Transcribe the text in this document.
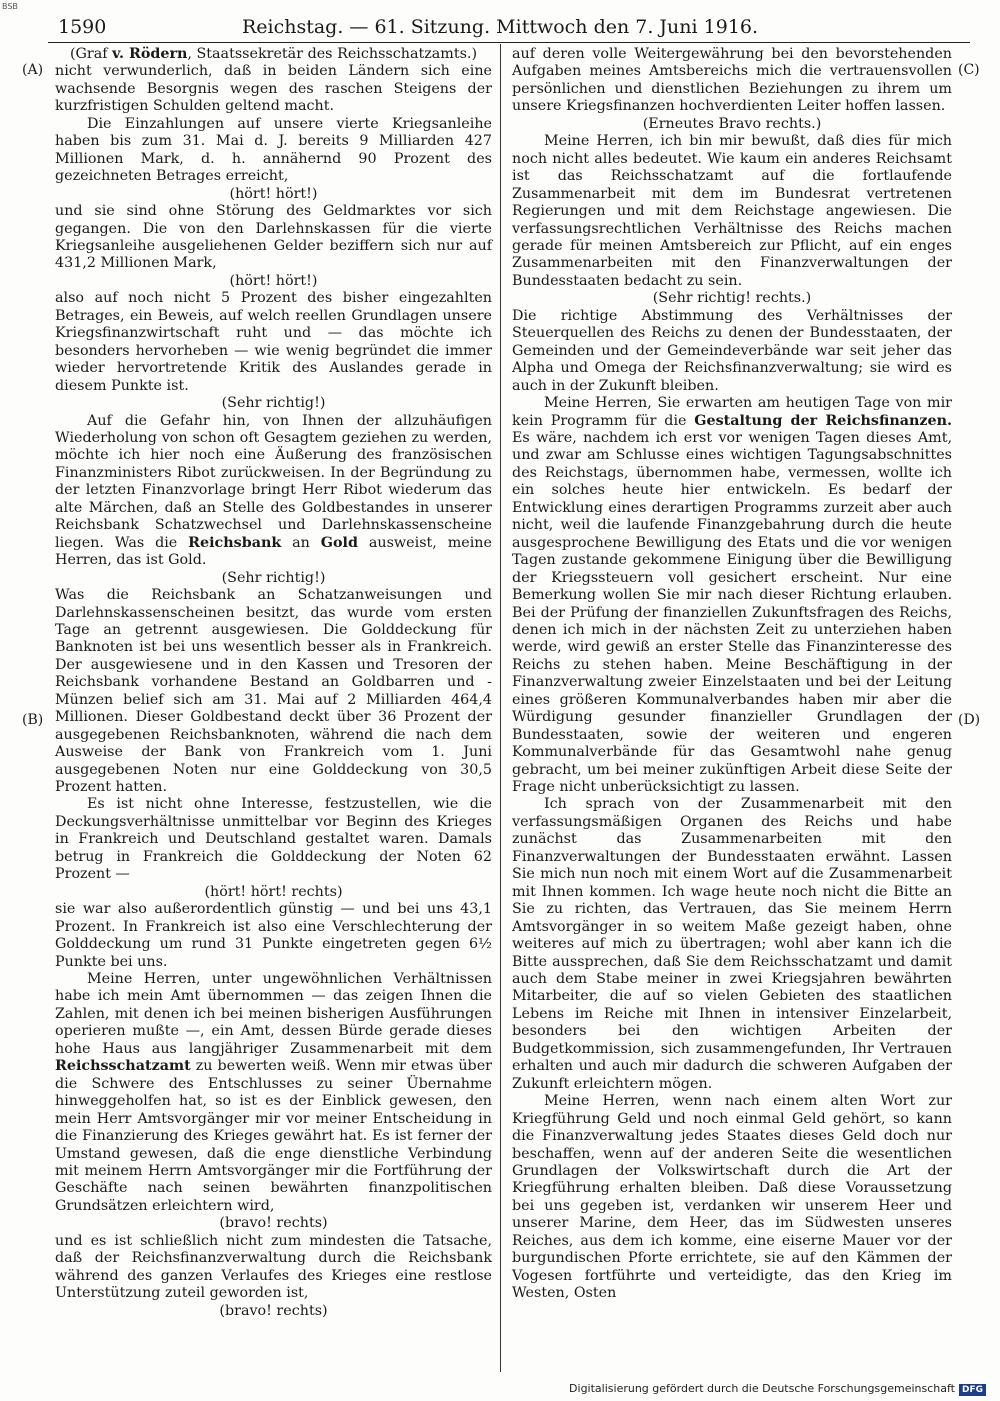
BSB
1590	Reichstag. — 61. Sitzung. Mittwoch den 7. Juni 1916.
(A)
(B)
(C)
(D)

(Graf v. Rödern, Staatssekretär des Reichsschatzamts.)

nicht verwunderlich, daß in beiden Ländern sich eine wachsende Besorgnis wegen des raschen Steigens der kurzfristigen Schulden geltend macht.

Die Einzahlungen auf unsere vierte Kriegsanleihe haben bis zum 31. Mai d. J. bereits 9 Milliarden 427 Millionen Mark, d. h. annähernd 90 Prozent des gezeichneten Betrages erreicht,

(hört! hört!)

und sie sind ohne Störung des Geldmarktes vor sich gegangen. Die von den Darlehnskassen für die vierte Kriegsanleihe ausgeliehenen Gelder beziffern sich nur auf 431,2 Millionen Mark,

(hört! hört!)

also auf noch nicht 5 Prozent des bisher eingezahlten Betrages, ein Beweis, auf welch reellen Grundlagen unsere Kriegsfinanzwirtschaft ruht und — das möchte ich besonders hervorheben — wie wenig begründet die immer wieder hervortretende Kritik des Auslandes gerade in diesem Punkte ist.

(Sehr richtig!)

Auf die Gefahr hin, von Ihnen der allzuhäufigen Wiederholung von schon oft Gesagtem geziehen zu werden, möchte ich hier noch eine Äußerung des französischen Finanzministers Ribot zurückweisen. In der Begründung zu der letzten Finanzvorlage bringt Herr Ribot wiederum das alte Märchen, daß an Stelle des Goldbestandes in unserer Reichsbank Schatzwechsel und Darlehnskassenscheine liegen. Was die Reichsbank an Gold ausweist, meine Herren, das ist Gold.

(Sehr richtig!)

Was die Reichsbank an Schatzanweisungen und Darlehnskassenscheinen besitzt, das wurde vom ersten Tage an getrennt ausgewiesen. Die Golddeckung für Banknoten ist bei uns wesentlich besser als in Frankreich. Der ausgewiesene und in den Kassen und Tresoren der Reichsbank vorhandene Bestand an Goldbarren und -Münzen belief sich am 31. Mai auf 2 Milliarden 464,4 Millionen. Dieser Goldbestand deckt über 36 Prozent der ausgegebenen Reichsbanknoten, während die nach dem Ausweise der Bank von Frankreich vom 1. Juni ausgegebenen Noten nur eine Golddeckung von 30,5 Prozent hatten.

Es ist nicht ohne Interesse, festzustellen, wie die Deckungsverhältnisse unmittelbar vor Beginn des Krieges in Frankreich und Deutschland gestaltet waren. Damals betrug in Frankreich die Golddeckung der Noten 62 Prozent —

(hört! hört! rechts)

sie war also außerordentlich günstig — und bei uns 43,1 Prozent. In Frankreich ist also eine Verschlechterung der Golddeckung um rund 31 Punkte eingetreten gegen 6½ Punkte bei uns.

Meine Herren, unter ungewöhnlichen Verhältnissen habe ich mein Amt übernommen — das zeigen Ihnen die Zahlen, mit denen ich bei meinen bisherigen Ausführungen operieren mußte —, ein Amt, dessen Bürde gerade dieses hohe Haus aus langjähriger Zusammenarbeit mit dem Reichsschatzamt zu bewerten weiß. Wenn mir etwas über die Schwere des Entschlusses zu seiner Übernahme hinweggeholfen hat, so ist es der Einblick gewesen, den mein Herr Amtsvorgänger mir vor meiner Entscheidung in die Finanzierung des Krieges gewährt hat. Es ist ferner der Umstand gewesen, daß die enge dienstliche Verbindung mit meinem Herrn Amtsvorgänger mir die Fortführung der Geschäfte nach seinen bewährten finanzpolitischen Grundsätzen erleichtern wird,

(bravo! rechts)

und es ist schließlich nicht zum mindesten die Tatsache, daß der Reichsfinanzverwaltung durch die Reichsbank während des ganzen Verlaufes des Krieges eine restlose Unterstützung zuteil geworden ist,

(bravo! rechts)

auf deren volle Weitergewährung bei den bevorstehenden Aufgaben meines Amtsbereichs mich die vertrauensvollen persönlichen und dienstlichen Beziehungen zu ihrem um unsere Kriegsfinanzen hochverdienten Leiter hoffen lassen.

(Erneutes Bravo rechts.)

Meine Herren, ich bin mir bewußt, daß dies für mich noch nicht alles bedeutet. Wie kaum ein anderes Reichsamt ist das Reichsschatzamt auf die fortlaufende Zusammenarbeit mit dem im Bundesrat vertretenen Regierungen und mit dem Reichstage angewiesen. Die verfassungsrechtlichen Verhältnisse des Reichs machen gerade für meinen Amtsbereich zur Pflicht, auf ein enges Zusammenarbeiten mit den Finanzverwaltungen der Bundesstaaten bedacht zu sein.

(Sehr richtig! rechts.)

Die richtige Abstimmung des Verhältnisses der Steuerquellen des Reichs zu denen der Bundesstaaten, der Gemeinden und der Gemeindeverbände war seit jeher das Alpha und Omega der Reichsfinanzverwaltung; sie wird es auch in der Zukunft bleiben.

Meine Herren, Sie erwarten am heutigen Tage von mir kein Programm für die Gestaltung der Reichsfinanzen. Es wäre, nachdem ich erst vor wenigen Tagen dieses Amt, und zwar am Schlusse eines wichtigen Tagungsabschnittes des Reichstags, übernommen habe, vermessen, wollte ich ein solches heute hier entwickeln. Es bedarf der Entwicklung eines derartigen Programms zurzeit aber auch nicht, weil die laufende Finanzgebahrung durch die heute ausgesprochene Bewilligung des Etats und die vor wenigen Tagen zustande gekommene Einigung über die Bewilligung der Kriegssteuern voll gesichert erscheint. Nur eine Bemerkung wollen Sie mir nach dieser Richtung erlauben. Bei der Prüfung der finanziellen Zukunftsfragen des Reichs, denen ich mich in der nächsten Zeit zu unterziehen haben werde, wird gewiß an erster Stelle das Finanzinteresse des Reichs zu stehen haben. Meine Beschäftigung in der Finanzverwaltung zweier Einzelstaaten und bei der Leitung eines größeren Kommunalverbandes haben mir aber die Würdigung gesunder finanzieller Grundlagen der Bundesstaaten, sowie der weiteren und engeren Kommunalverbände für das Gesamtwohl nahe genug gebracht, um bei meiner zukünftigen Arbeit diese Seite der Frage nicht unberücksichtigt zu lassen.

Ich sprach von der Zusammenarbeit mit den verfassungsmäßigen Organen des Reichs und habe zunächst das Zusammenarbeiten mit den Finanzverwaltungen der Bundesstaaten erwähnt. Lassen Sie mich nun noch mit einem Wort auf die Zusammenarbeit mit Ihnen kommen. Ich wage heute noch nicht die Bitte an Sie zu richten, das Vertrauen, das Sie meinem Herrn Amtsvorgänger in so weitem Maße gezeigt haben, ohne weiteres auf mich zu übertragen; wohl aber kann ich die Bitte aussprechen, daß Sie dem Reichsschatzamt und damit auch dem Stabe meiner in zwei Kriegsjahren bewährten Mitarbeiter, die auf so vielen Gebieten des staatlichen Lebens im Reiche mit Ihnen in intensiver Einzelarbeit, besonders bei den wichtigen Arbeiten der Budgetkommission, sich zusammengefunden, Ihr Vertrauen erhalten und auch mir dadurch die schweren Aufgaben der Zukunft erleichtern mögen.

Meine Herren, wenn nach einem alten Wort zur Kriegführung Geld und noch einmal Geld gehört, so kann die Finanzverwaltung jedes Staates dieses Geld doch nur beschaffen, wenn auf der anderen Seite die wesentlichen Grundlagen der Volkswirtschaft durch die Art der Kriegführung erhalten bleiben. Daß diese Voraussetzung bei uns gegeben ist, verdanken wir unserem Heer und unserer Marine, dem Heer, das im Südwesten unseres Reiches, aus dem ich komme, eine eiserne Mauer vor der burgundischen Pforte errichtete, sie auf den Kämmen der Vogesen fortführte und verteidigte, das den Krieg im Westen, Osten

Digitalisierung gefördert durch die Deutsche Forschungsgemeinschaft DFG
